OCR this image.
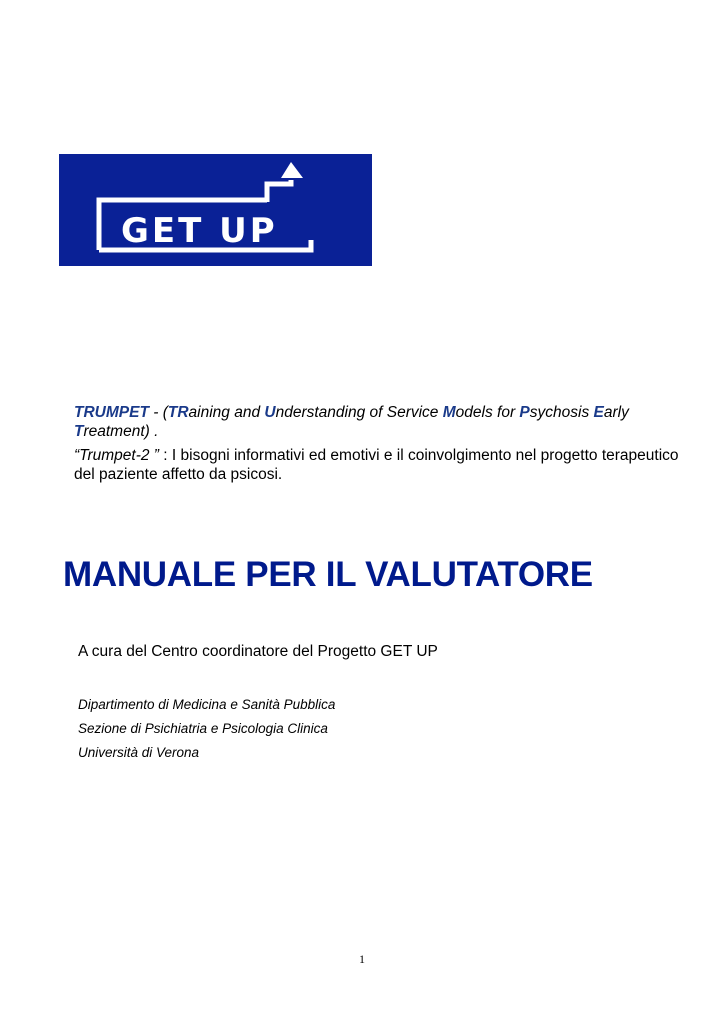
GET UP

TRUMPET - (TRaining and Understanding of Service Models for Psychosis Early
Treatment) .

“Trumpet-2 ” : I bisogni informativi ed emotivi e il coinvolgimento nel progetto terapeutico del paziente affetto da psicosi.

MANUALE PER IL VALUTATORE

A cura del Centro coordinatore del Progetto GET UP

Dipartimento di Medicina e Sanità Pubblica
Sezione di Psichiatria e Psicologia Clinica
Università di Verona
1
